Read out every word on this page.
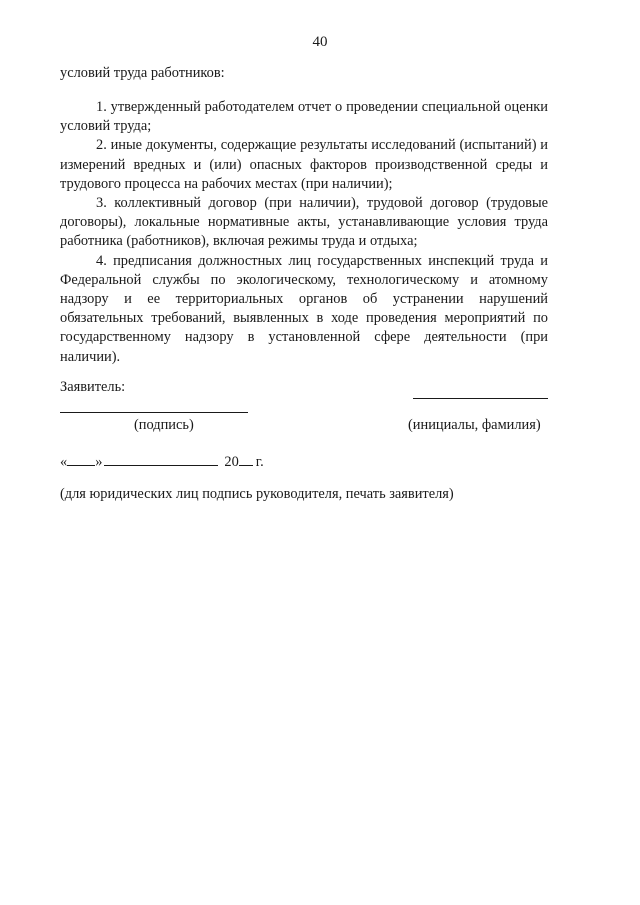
40
условий труда работников:

1. утвержденный работодателем отчет о проведении специальной оценки условий труда;

2. иные документы, содержащие результаты исследований (испытаний) и измерений вредных и (или) опасных факторов производственной среды и трудового процесса на рабочих местах (при наличии);

3. коллективный договор (при наличии), трудовой договор (трудовые договоры), локальные нормативные акты, устанавливающие условия труда работника (работников), включая режимы труда и отдыха;

4. предписания должностных лиц государственных инспекций труда и Федеральной службы по экологическому, технологическому и атомному надзору и ее территориальных органов об устранении нарушений обязательных требований, выявленных в ходе проведения мероприятий по государственному надзору в установленной сфере деятельности (при наличии).

Заявитель:
(подпись)	(инициалы, фамилия)
« »	20 г.
(для юридических лиц подпись руководителя, печать заявителя)
